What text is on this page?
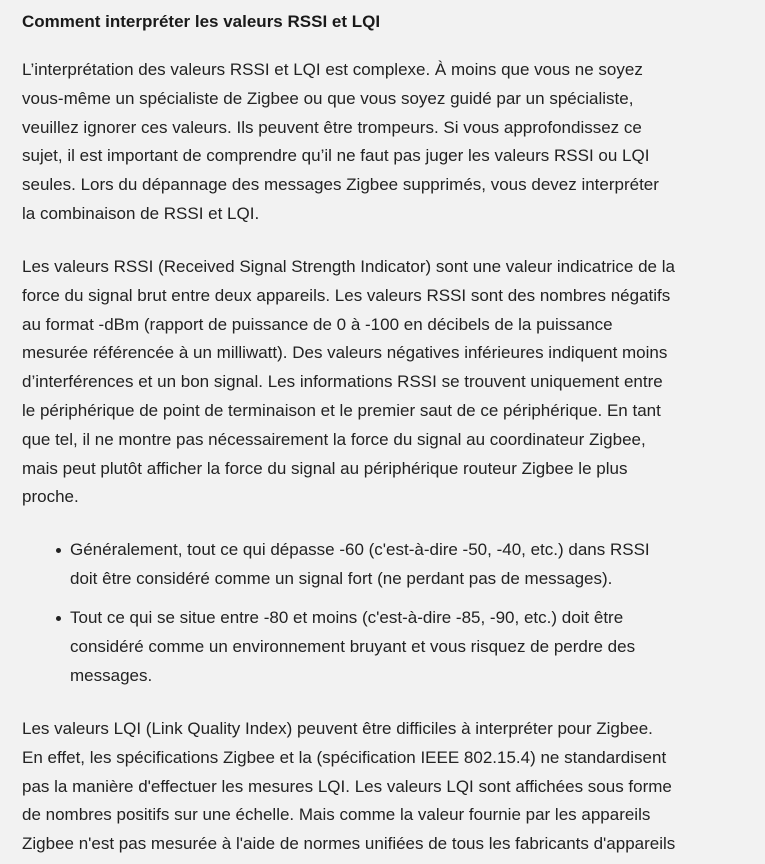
Comment interpréter les valeurs RSSI et LQI

L’interprétation des valeurs RSSI et LQI est complexe. À moins que vous ne soyez
vous-même un spécialiste de Zigbee ou que vous soyez guidé par un spécialiste,
veuillez ignorer ces valeurs. Ils peuvent être trompeurs. Si vous approfondissez ce
sujet, il est important de comprendre qu’il ne faut pas juger les valeurs RSSI ou LQI
seules. Lors du dépannage des messages Zigbee supprimés, vous devez interpréter
la combinaison de RSSI et LQI.

Les valeurs RSSI (Received Signal Strength Indicator) sont une valeur indicatrice de la
force du signal brut entre deux appareils. Les valeurs RSSI sont des nombres négatifs
au format -dBm (rapport de puissance de 0 à -100 en décibels de la puissance
mesurée référencée à un milliwatt). Des valeurs négatives inférieures indiquent moins
d’interférences et un bon signal. Les informations RSSI se trouvent uniquement entre
le périphérique de point de terminaison et le premier saut de ce périphérique. En tant
que tel, il ne montre pas nécessairement la force du signal au coordinateur Zigbee,
mais peut plutôt afficher la force du signal au périphérique routeur Zigbee le plus
proche.

Généralement, tout ce qui dépasse -60 (c'est-à-dire -50, -40, etc.) dans RSSI
doit être considéré comme un signal fort (ne perdant pas de messages).
Tout ce qui se situe entre -80 et moins (c'est-à-dire -85, -90, etc.) doit être
considéré comme un environnement bruyant et vous risquez de perdre des
messages.

Les valeurs LQI (Link Quality Index) peuvent être difficiles à interpréter pour Zigbee.
En effet, les spécifications Zigbee et la (spécification IEEE 802.15.4) ne standardisent
pas la manière d'effectuer les mesures LQI. Les valeurs LQI sont affichées sous forme
de nombres positifs sur une échelle. Mais comme la valeur fournie par les appareils
Zigbee n'est pas mesurée à l'aide de normes unifiées de tous les fabricants d'appareils
